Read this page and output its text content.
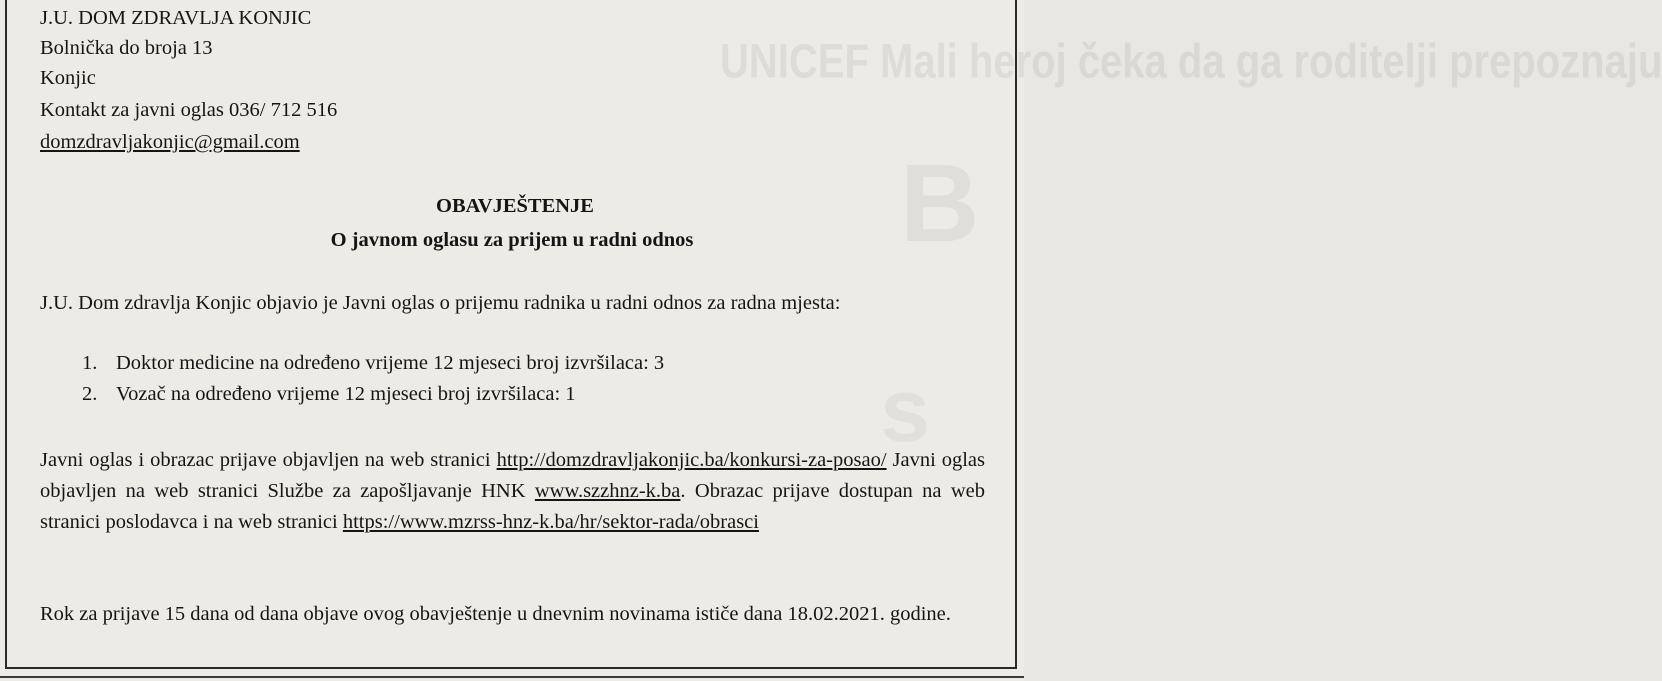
UNICEF Mali heroj čeka da ga roditelji prepoznaju
B
s
J.U. DOM ZDRAVLJA KONJIC
Bolnička do broja 13
Konjic
Kontakt za javni oglas 036/ 712 516
domzdravljakonjic@gmail.com
OBAVJEŠTENJE
O javnom oglasu za prijem u radni odnos
J.U. Dom zdravlja Konjic objavio je Javni oglas o prijemu radnika u radni odnos za radna mjesta:
1. Doktor medicine na određeno vrijeme 12 mjeseci broj izvršilaca: 3
2. Vozač na određeno vrijeme 12 mjeseci broj izvršilaca: 1
Javni oglas i obrazac prijave objavljen na web stranici http://domzdravljakonjic.ba/konkursi-za-posao/ Javni oglas objavljen na web stranici Službe za zapošljavanje HNK www.szzhnz-k.ba. Obrazac prijave dostupan na web stranici poslodavca i na web stranici https://www.mzrss-hnz-k.ba/hr/sektor-rada/obrasci
Rok za prijave 15 dana od dana objave ovog obavještenje u dnevnim novinama ističe dana 18.02.2021. godine.
